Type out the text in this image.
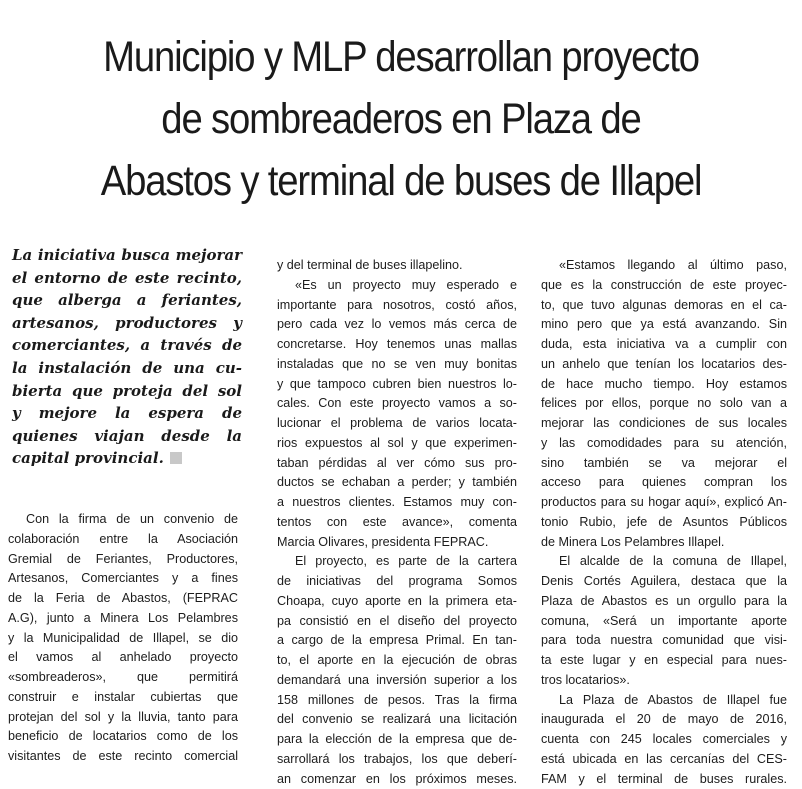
Municipio y MLP desarrollan proyecto
de sombreaderos en Plaza de
Abastos y terminal de buses de Illapel
La iniciativa busca mejorar
el entorno de este recinto,
que alberga a feriantes,
artesanos, productores y
comerciantes, a través de
la instalación de una cu-
bierta que proteja del sol
y mejore la espera de
quienes viajan desde la
capital provincial.
Con la firma de un convenio de
colaboración entre la Asociación
Gremial de Feriantes, Productores,
Artesanos, Comerciantes y a fines
de la Feria de Abastos, (FEPRAC
A.G), junto a Minera Los Pelambres
y la Municipalidad de Illapel, se dio
el vamos al anhelado proyecto
«sombreaderos», que permitirá
construir e instalar cubiertas que
protejan del sol y la lluvia, tanto para
beneficio de locatarios como de los
visitantes de este recinto comercial
y del terminal de buses illapelino.
«Es un proyecto muy esperado e
importante para nosotros, costó años,
pero cada vez lo vemos más cerca de
concretarse. Hoy tenemos unas mallas
instaladas que no se ven muy bonitas
y que tampoco cubren bien nuestros lo-
cales. Con este proyecto vamos a so-
lucionar el problema de varios locata-
rios expuestos al sol y que experimen-
taban pérdidas al ver cómo sus pro-
ductos se echaban a perder; y también
a nuestros clientes. Estamos muy con-
tentos con este avance», comenta
Marcia Olivares, presidenta FEPRAC.
El proyecto, es parte de la cartera
de iniciativas del programa Somos
Choapa, cuyo aporte en la primera eta-
pa consistió en el diseño del proyecto
a cargo de la empresa Primal. En tan-
to, el aporte en la ejecución de obras
demandará una inversión superior a los
158 millones de pesos. Tras la firma
del convenio se realizará una licitación
para la elección de la empresa que de-
sarrollará los trabajos, los que deberí-
an comenzar en los próximos meses.
«Estamos llegando al último paso,
que es la construcción de este proyec-
to, que tuvo algunas demoras en el ca-
mino pero que ya está avanzando. Sin
duda, esta iniciativa va a cumplir con
un anhelo que tenían los locatarios des-
de hace mucho tiempo. Hoy estamos
felices por ellos, porque no solo van a
mejorar las condiciones de sus locales
y las comodidades para su atención,
sino también se va mejorar el
acceso para quienes compran los
productos para su hogar aquí», explicó An-
tonio Rubio, jefe de Asuntos Públicos
de Minera Los Pelambres Illapel.
El alcalde de la comuna de Illapel,
Denis Cortés Aguilera, destaca que la
Plaza de Abastos es un orgullo para la
comuna, «Será un importante aporte
para toda nuestra comunidad que visi-
ta este lugar y en especial para nues-
tros locatarios».
La Plaza de Abastos de Illapel fue
inaugurada el 20 de mayo de 2016,
cuenta con 245 locales comerciales y
está ubicada en las cercanías del CES-
FAM y el terminal de buses rurales.
